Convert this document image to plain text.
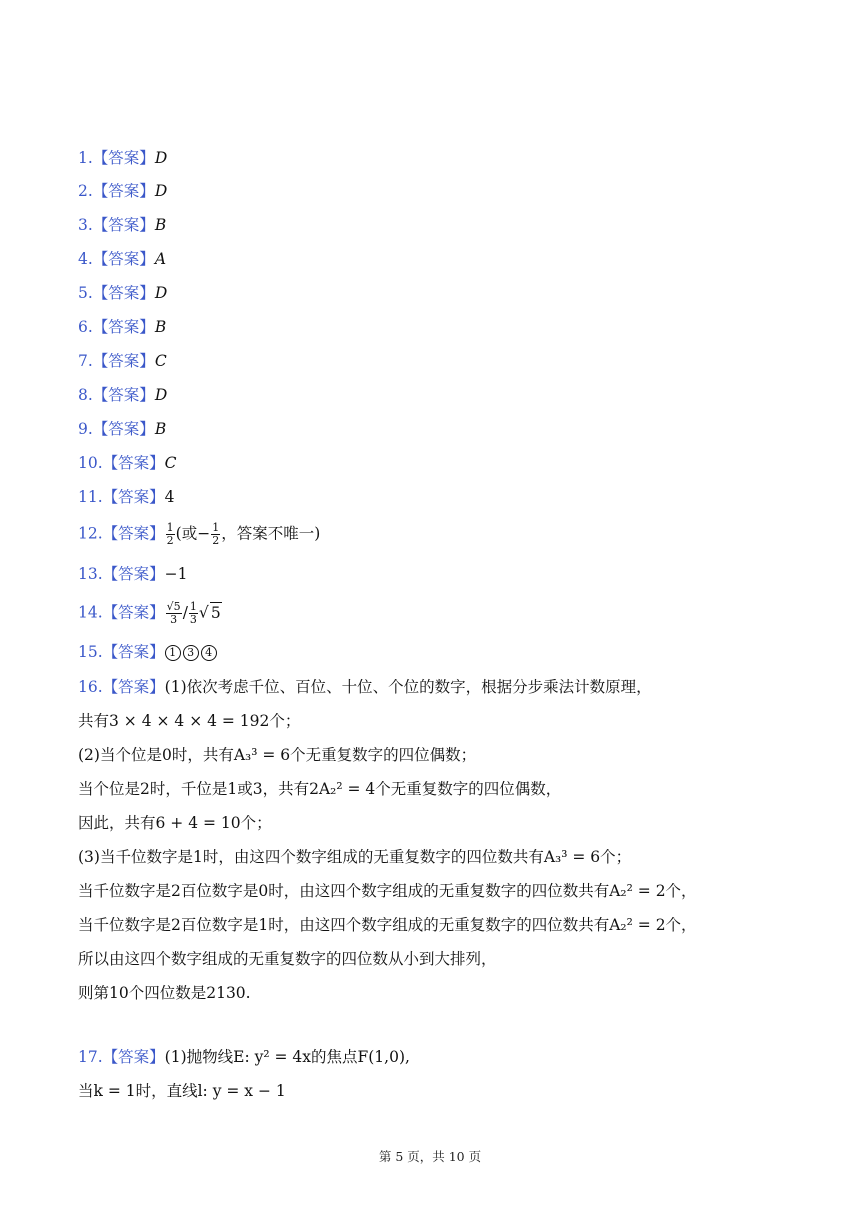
1.【答案】D
2.【答案】D
3.【答案】B
4.【答案】A
5.【答案】D
6.【答案】B
7.【答案】C
8.【答案】D
9.【答案】B
10.【答案】C
11.【答案】4
12.【答案】 $\frac{1}{2}$ (或− $\frac{1}{2}$ ，答案不唯一)
13.【答案】−1
14.【答案】 $\frac{√5}{3} / \frac{1}{3}$ √ 5
15.【答案】 1 3 4
16.【答案】(1)依次考虑千位、百位、十位、个位的数字，根据分步乘法计数原理，
共有3 × 4 × 4 × 4 = 192个；
(2)当个位是0时，共有A₃³ = 6个无重复数字的四位偶数；
当个位是2时，千位是1或3，共有2A₂² = 4个无重复数字的四位偶数，
因此，共有6 + 4 = 10个；
(3)当千位数字是1时，由这四个数字组成的无重复数字的四位数共有A₃³ = 6个；
当千位数字是2百位数字是0时，由这四个数字组成的无重复数字的四位数共有A₂² = 2个，
当千位数字是2百位数字是1时，由这四个数字组成的无重复数字的四位数共有A₂² = 2个，
所以由这四个数字组成的无重复数字的四位数从小到大排列，
则第10个四位数是2130.
17.【答案】(1)抛物线E: y² = 4x的焦点F(1,0),
当k = 1时，直线l: y = x − 1
第 5 页，共 10 页
